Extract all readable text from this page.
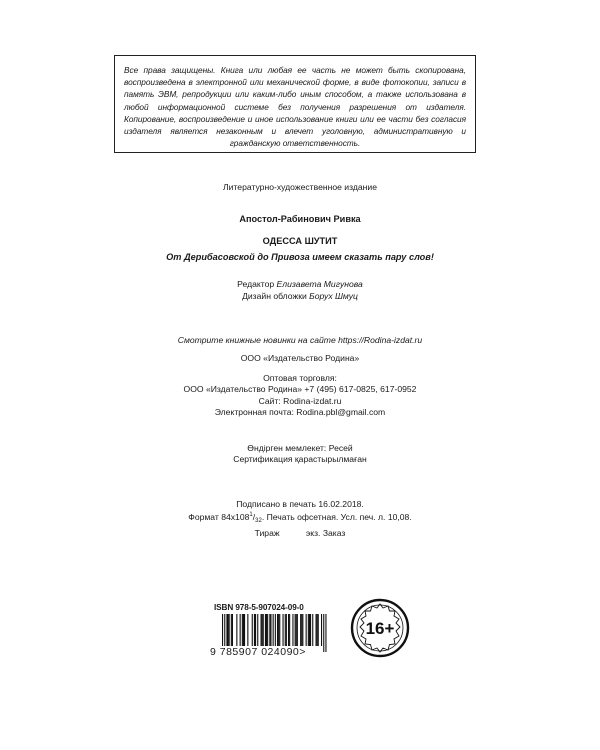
Все права защищены. Книга или любая ее часть не может быть скопирована, воспроизведена в электронной или механической форме, в виде фотокопии, записи в память ЭВМ, репродукции или каким-либо иным способом, а также использована в любой информационной системе без получения разрешения от издателя. Копирование, воспроизведение и иное использование книги или ее части без согласия издателя является незаконным и влечет уголовную, административную и гражданскую ответственность.

Литературно-художественное издание
Апостол-Рабинович Ривка
ОДЕССА ШУТИТ
От Дерибасовской до Привоза имеем сказать пару слов!
Редактор Елизавета Мигунова
Дизайн обложки Борух Шмуц
Смотрите книжные новинки на сайте https://Rodina-izdat.ru
ООО «Издательство Родина»
Оптовая торговля:
ООО «Издательство Родина» +7 (495) 617-0825, 617-0952
Сайт: Rodina-izdat.ru
Электронная почта: Rodina.pbl@gmail.com
Өндірген мемлекет: Ресей
Сертификация қарастырылмаған
Подписано в печать 16.02.2018.
Формат $84х108^1/_{32}$. Печать офсетная. Усл. печ. л. 10,08.
Тираж           экз. Заказ
ISBN 978-5-907024-09-0
9 785907 024090>
16+
